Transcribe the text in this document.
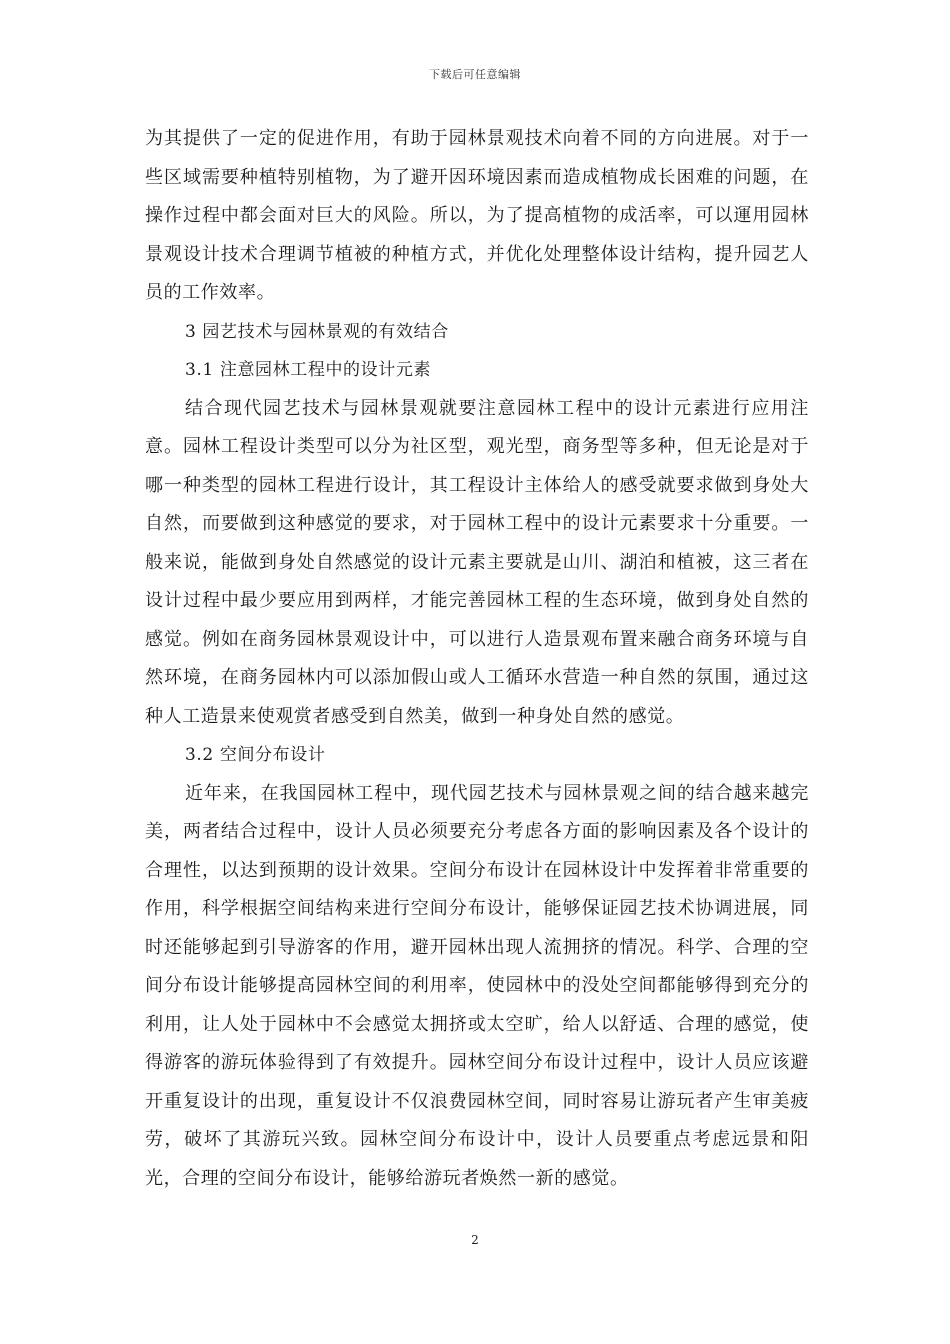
下载后可任意编辑

为其提供了一定的促进作用，有助于园林景观技术向着不同的方向进展。对于一些区域需要种植特别植物，为了避开因环境因素而造成植物成长困难的问题，在操作过程中都会面对巨大的风险。所以，为了提高植物的成活率，可以運用园林景观设计技术合理调节植被的种植方式，并优化处理整体设计结构，提升园艺人员的工作效率。

3 园艺技术与园林景观的有效结合

3.1 注意园林工程中的设计元素

结合现代园艺技术与园林景观就要注意园林工程中的设计元素进行应用注意。园林工程设计类型可以分为社区型，观光型，商务型等多种，但无论是对于哪一种类型的园林工程进行设计，其工程设计主体给人的感受就要求做到身处大自然，而要做到这种感觉的要求，对于园林工程中的设计元素要求十分重要。一般来说，能做到身处自然感觉的设计元素主要就是山川、湖泊和植被，这三者在设计过程中最少要应用到两样，才能完善园林工程的生态环境，做到身处自然的感觉。例如在商务园林景观设计中，可以进行人造景观布置来融合商务环境与自然环境，在商务园林内可以添加假山或人工循环水营造一种自然的氛围，通过这种人工造景来使观赏者感受到自然美，做到一种身处自然的感觉。

3.2 空间分布设计

近年来，在我国园林工程中，现代园艺技术与园林景观之间的结合越来越完美，两者结合过程中，设计人员必须要充分考虑各方面的影响因素及各个设计的合理性，以达到预期的设计效果。空间分布设计在园林设计中发挥着非常重要的作用，科学根据空间结构来进行空间分布设计，能够保证园艺技术协调进展，同时还能够起到引导游客的作用，避开园林出现人流拥挤的情况。科学、合理的空间分布设计能够提高园林空间的利用率，使园林中的没处空间都能够得到充分的利用，让人处于园林中不会感觉太拥挤或太空旷，给人以舒适、合理的感觉，使得游客的游玩体验得到了有效提升。园林空间分布设计过程中，设计人员应该避开重复设计的出现，重复设计不仅浪费园林空间，同时容易让游玩者产生审美疲劳，破坏了其游玩兴致。园林空间分布设计中，设计人员要重点考虑远景和阳光，合理的空间分布设计，能够给游玩者焕然一新的感觉。

2
